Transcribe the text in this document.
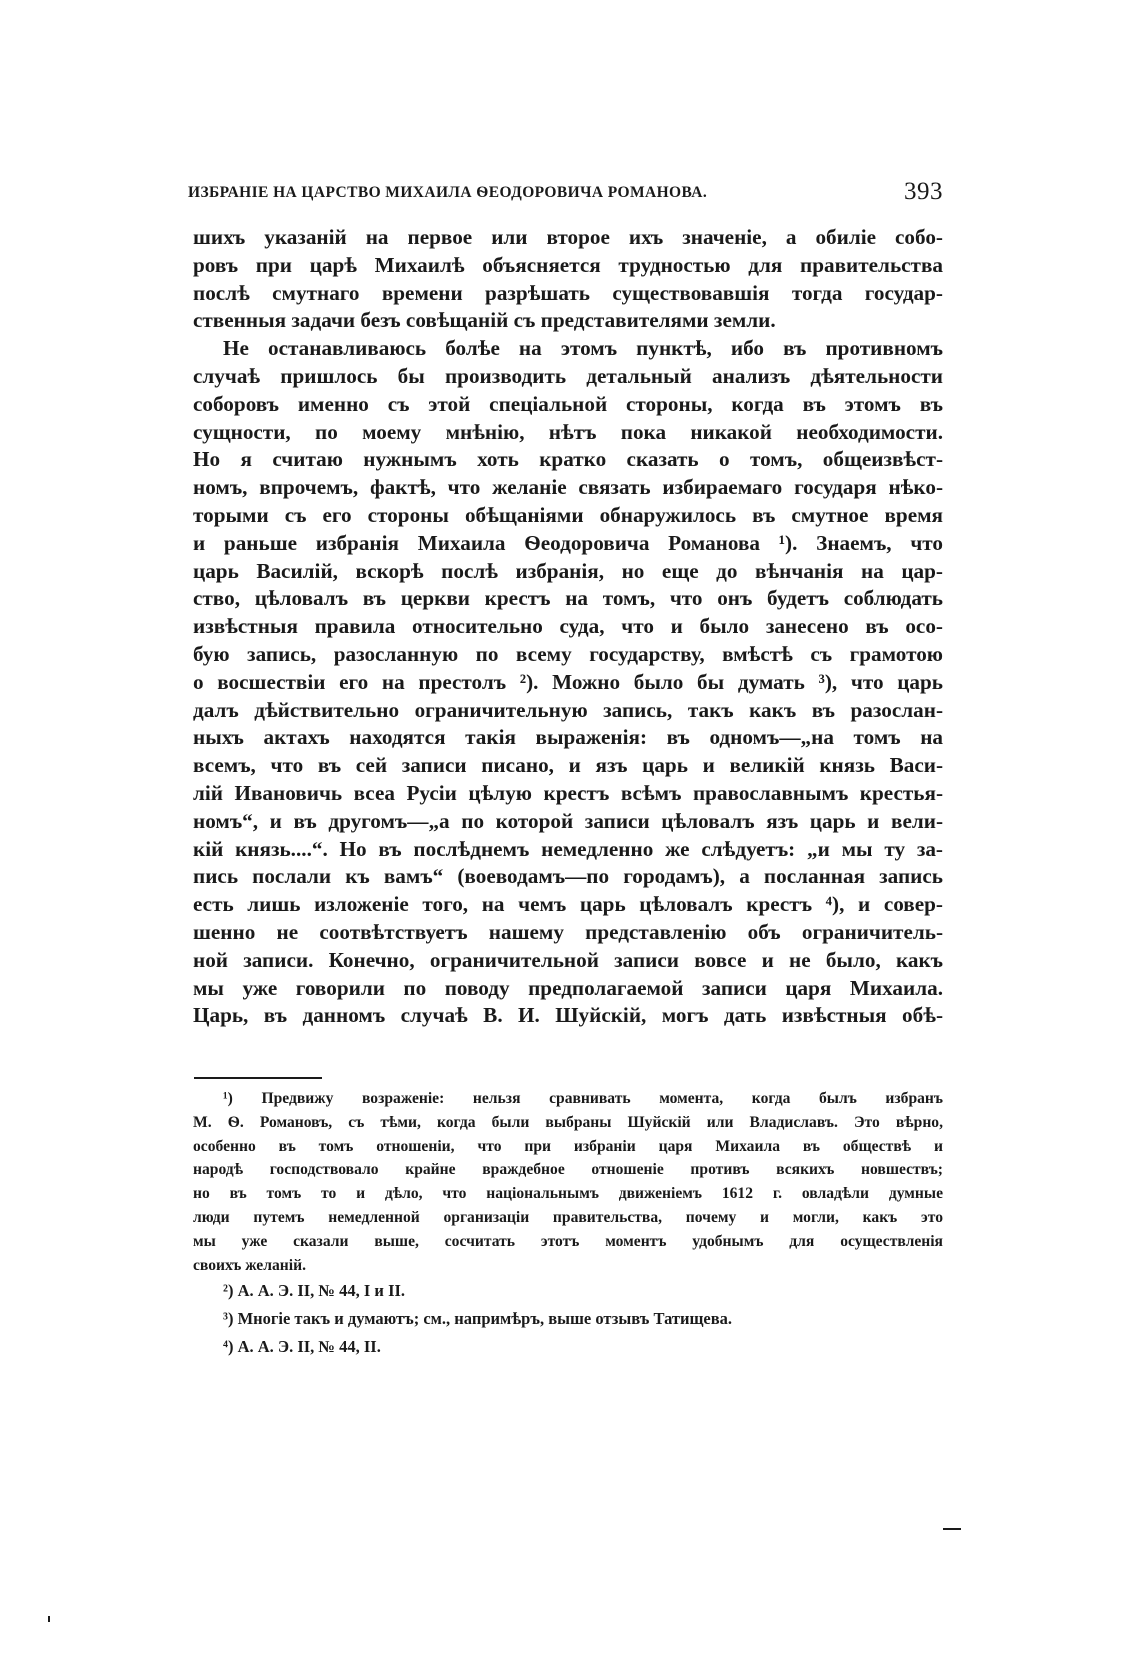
ИЗБРАНІЕ НА ЦАРСТВО МИХАИЛА ѲЕОДОРОВИЧА РОМАНОВА.	393
шихъ указаній на первое или второе ихъ значеніе, а обиліе собо-
ровъ при царѣ Михаилѣ объясняется трудностью для правительства
послѣ смутнаго времени разрѣшать существовавшія тогда государ-
ственныя задачи безъ совѣщаній съ представителями земли.
Не останавливаюсь болѣе на этомъ пунктѣ, ибо въ противномъ
случаѣ пришлось бы производить детальный анализъ дѣятельности
соборовъ именно съ этой спеціальной стороны, когда въ этомъ въ
сущности, по моему мнѣнію, нѣтъ пока никакой необходимости.
Но я считаю нужнымъ хоть кратко сказать о томъ, общеизвѣст-
номъ, впрочемъ, фактѣ, что желаніе связать избираемаго государя нѣко-
торыми съ его стороны обѣщаніями обнаружилось въ смутное время
и раньше избранія Михаила Ѳеодоровича Романова ¹). Знаемъ, что
царь Василій, вскорѣ послѣ избранія, но еще до вѣнчанія на цар-
ство, цѣловалъ въ церкви крестъ на томъ, что онъ будетъ соблюдать
извѣстныя правила относительно суда, что и было занесено въ осо-
бую запись, разосланную по всему государству, вмѣстѣ съ грамотою
о восшествіи его на престолъ ²). Можно было бы думать ³), что царь
далъ дѣйствительно ограничительную запись, такъ какъ въ разослан-
ныхъ актахъ находятся такія выраженія: въ одномъ—„на томъ на
всемъ, что въ сей записи писано, и язъ царь и великій князь Васи-
лій Ивановичь всеа Русіи цѣлую крестъ всѣмъ православнымъ крестья-
номъ“, и въ другомъ—„а по которой записи цѣловалъ язъ царь и вели-
кій князь....“. Но въ послѣднемъ немедленно же слѣдуетъ: „и мы ту за-
пись послали къ вамъ“ (воеводамъ—по городамъ), а посланная запись
есть лишь изложеніе того, на чемъ царь цѣловалъ крестъ ⁴), и совер-
шенно не соотвѣтствуетъ нашему представленію объ ограничитель-
ной записи. Конечно, ограничительной записи вовсе и не было, какъ
мы уже говорили по поводу предполагаемой записи царя Михаила.
Царь, въ данномъ случаѣ В. И. Шуйскій, могъ дать извѣстныя обѣ-
¹) Предвижу возраженіе: нельзя сравнивать момента, когда былъ избранъ
М. Ѳ. Романовъ, съ тѣми, когда были выбраны Шуйскій или Владиславъ. Это вѣрно,
особенно въ томъ отношеніи, что при избраніи царя Михаила въ обществѣ и
народѣ господствовало крайне враждебное отношеніе противъ всякихъ новшествъ;
но въ томъ то и дѣло, что національнымъ движеніемъ 1612 г. овладѣли думные
люди путемъ немедленной организаціи правительства, почему и могли, какъ это
мы уже сказали выше, сосчитать этотъ моментъ удобнымъ для осуществленія
своихъ желаній.
²) А. А. Э. II, № 44, I и II.
³) Многіе такъ и думаютъ; см., напримѣръ, выше отзывъ Татищева.
⁴) А. А. Э. II, № 44, II.
